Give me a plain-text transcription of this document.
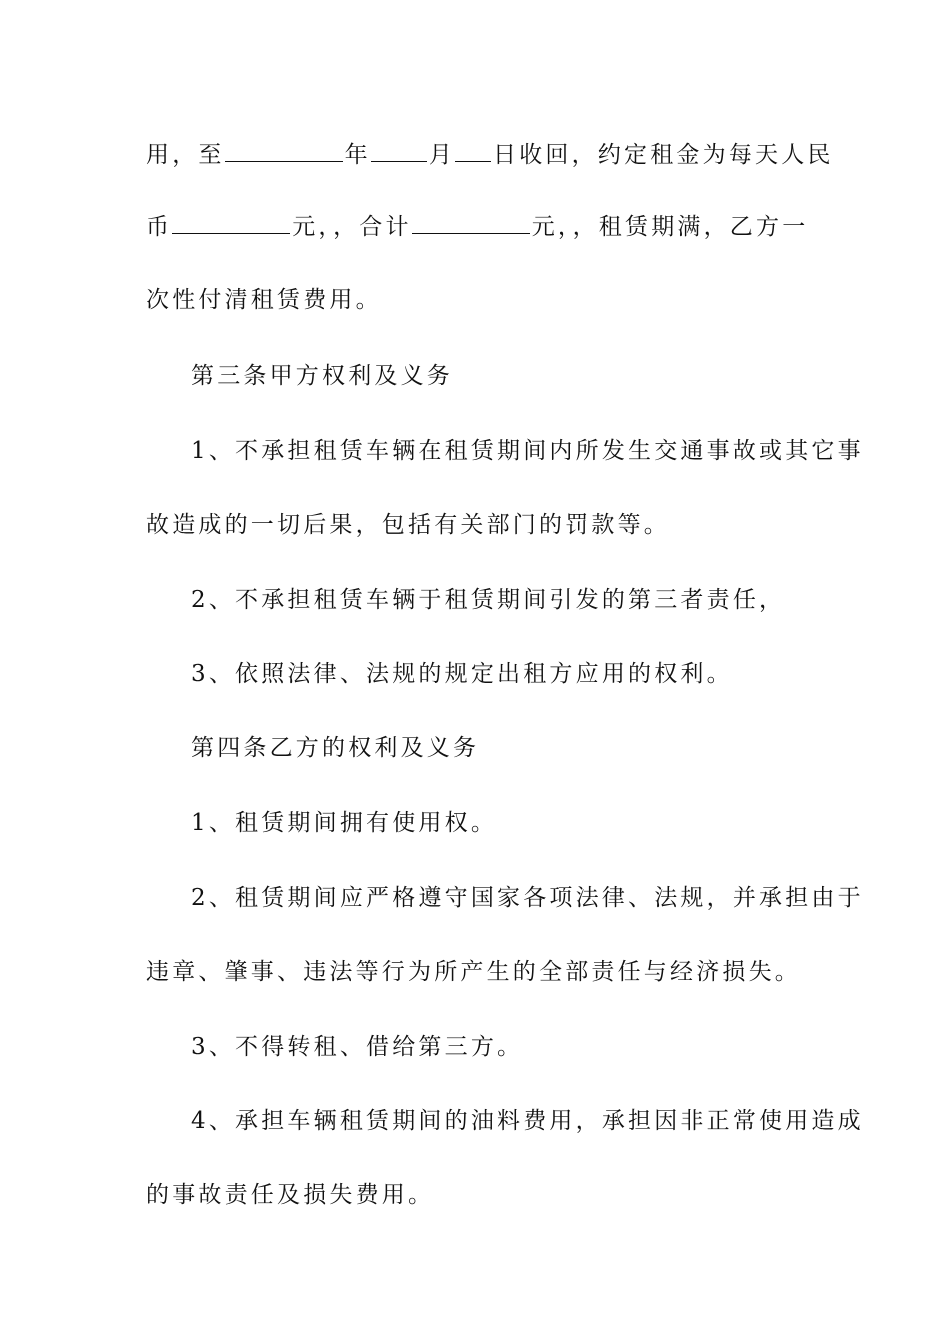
用，至	年	月 日收回，约定租金为每天人民
币	元，，合计	元，，租赁期满，乙方一
次性付清租赁费用。
第三条甲方权利及义务
1、不承担租赁车辆在租赁期间内所发生交通事故或其它事
故造成的一切后果，包括有关部门的罚款等。
2、不承担租赁车辆于租赁期间引发的第三者责任，
3、依照法律、法规的规定出租方应用的权利。
第四条乙方的权利及义务
1、租赁期间拥有使用权。
2、租赁期间应严格遵守国家各项法律、法规，并承担由于
违章、肇事、违法等行为所产生的全部责任与经济损失。
3、不得转租、借给第三方。
4、承担车辆租赁期间的油料费用，承担因非正常使用造成
的事故责任及损失费用。
